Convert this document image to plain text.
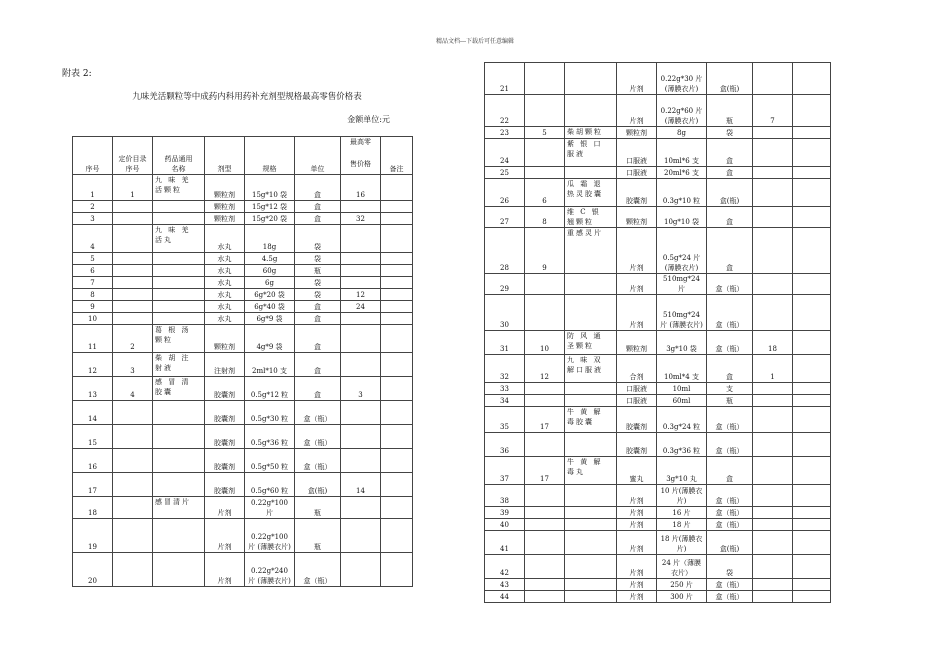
精品文档---下载后可任意编辑
附表 2:
九味羌活颗粒等中成药内科用药补充剂型规格最高零售价格表
金额单位:元
序号	定价目录
序号	药品通用
名称	剂型	规格	单位	最高零
售价格	备注
1	1	九 味 羌 活颗粒	颗粒剂	15g*10 袋	盒	16	
2			颗粒剂	15g*12 袋	盒		
3			颗粒剂	15g*20 袋	盒	32	
4		九 味 羌 活丸	水丸	18g	袋		
5			水丸	4.5g	袋		
6			水丸	60g	瓶		
7			水丸	6g	袋		
8			水丸	6g*20 袋	袋	12	
9			水丸	6g*40 袋	盒	24	
10			水丸	6g*9 袋	盒		
11	2	葛 根 汤 颗粒	颗粒剂	4g*9 袋	盒		
12	3	柴 胡 注 射液	注射剂	2ml*10 支	盒		
13	4	感 冒 清 胶囊	胶囊剂	0.5g*12 粒	盒	3	
14			胶囊剂	0.5g*30 粒	盒（瓶）		
15			胶囊剂	0.5g*36 粒	盒（瓶）		
16			胶囊剂	0.5g*50 粒	盒（瓶）		
17			胶囊剂	0.5g*60 粒	盒(瓶)	14	
18		感冒清片	片剂	0.22g*100 片	瓶		
19			片剂	0.22g*100 片 (薄膜衣片)	瓶		
20			片剂	0.22g*240 片 (薄膜衣片)	盒（瓶）		
21			片剂	0.22g*30 片(薄膜衣片)	盒(瓶)		
22			片剂	0.22g*60 片 (薄膜衣片)	瓶	7	
23	5	柴胡颗粒	颗粒剂	8g	袋		
24		紫 银 口 服液	口服液	10ml*6 支	盒		
25			口服液	20ml*6 支	盒		
26	6	瓜 霜 退 热灵胶囊	胶囊剂	0.3g*10 粒	盒(瓶)		
27	8	维 C 银 翘颗粒	颗粒剂	10g*10 袋	盒		
28	9	重感灵片	片剂	0.5g*24 片 (薄膜衣片)	盒		
29			片剂	510mg*24 片	盒（瓶）		
30			片剂	510mg*24 片 (薄膜衣片)	盒（瓶）		
31	10	防 风 通 圣颗粒	颗粒剂	3g*10 袋	盒（瓶）	18	
32	12	九 味 双 解口服液	合剂	10ml*4 支	盒	1	
33			口服液	10ml	支		
34			口服液	60ml	瓶		
35	17	牛 黄 解 毒胶囊	胶囊剂	0.3g*24 粒	盒（瓶）		
36			胶囊剂	0.3g*36 粒	盒（瓶）		
37	17	牛 黄 解 毒丸	蜜丸	3g*10 丸	盒		
38			片剂	10 片(薄膜衣片)	盒（瓶）		
39			片剂	16 片	盒（瓶）		
40			片剂	18 片	盒（瓶）		
41			片剂	18 片(薄膜衣片)	盒(瓶)		
42			片剂	24 片（薄膜衣片）	袋		
43			片剂	250 片	盒（瓶）		
44			片剂	300 片	盒（瓶）		
